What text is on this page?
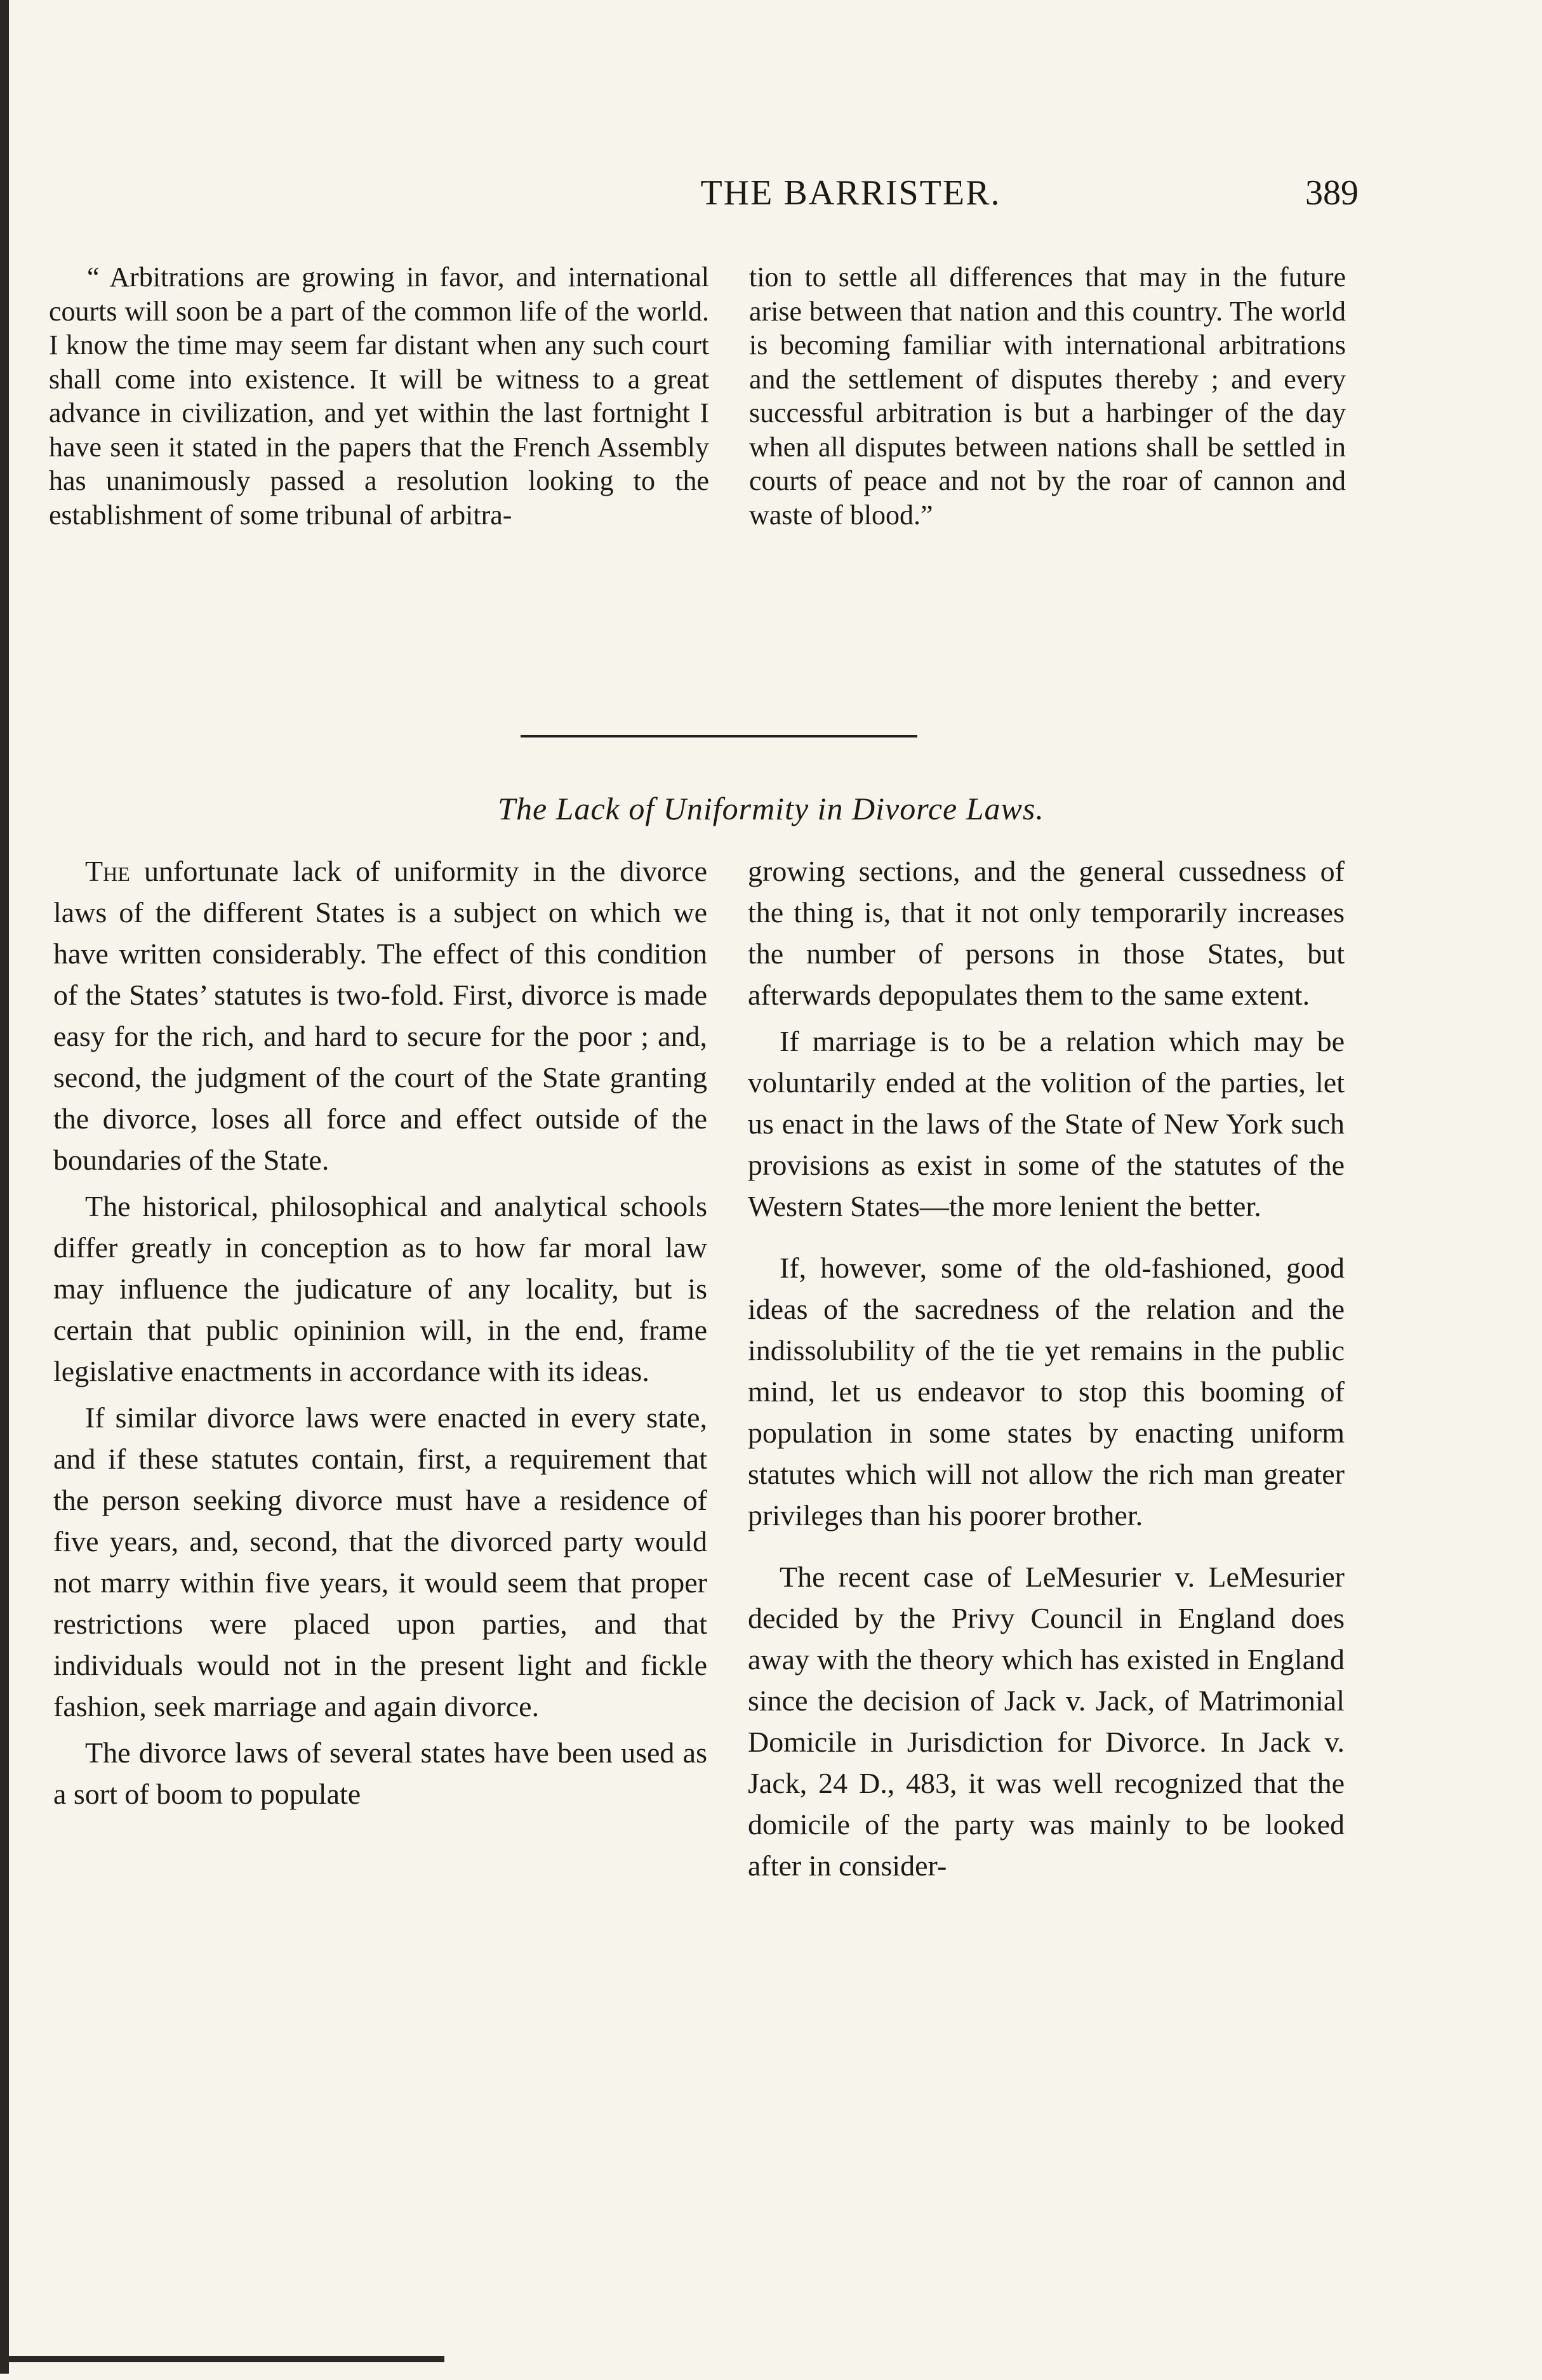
THE BARRISTER.	389

“ Arbitrations are growing in favor, and international courts will soon be a part of the common life of the world. I know the time may seem far distant when any such court shall come into existence. It will be witness to a great advance in civilization, and yet within the last fortnight I have seen it stated in the papers that the French Assembly has unanimously passed a resolution looking to the establishment of some tribunal of arbitra-

tion to settle all differences that may in the future arise between that nation and this country. The world is becoming familiar with international arbitrations and the settlement of disputes thereby ; and every successful arbitration is but a harbinger of the day when all disputes between nations shall be settled in courts of peace and not by the roar of cannon and waste of blood.”

The Lack of Uniformity in Divorce Laws.

The unfortunate lack of uniformity in the divorce laws of the different States is a subject on which we have written considerably. The effect of this condition of the States’ statutes is two-fold. First, divorce is made easy for the rich, and hard to secure for the poor ; and, second, the judgment of the court of the State granting the divorce, loses all force and effect outside of the boundaries of the State.

The historical, philosophical and analytical schools differ greatly in conception as to how far moral law may influence the judicature of any locality, but is certain that public opininion will, in the end, frame legislative enactments in accordance with its ideas.

If similar divorce laws were enacted in every state, and if these statutes contain, first, a requirement that the person seeking divorce must have a residence of five years, and, second, that the divorced party would not marry within five years, it would seem that proper restrictions were placed upon parties, and that individuals would not in the present light and fickle fashion, seek marriage and again divorce.

The divorce laws of several states have been used as a sort of boom to populate

growing sections, and the general cussedness of the thing is, that it not only temporarily increases the number of persons in those States, but afterwards depopulates them to the same extent.

If marriage is to be a relation which may be voluntarily ended at the volition of the parties, let us enact in the laws of the State of New York such provisions as exist in some of the statutes of the Western States—the more lenient the better.

If, however, some of the old-fashioned, good ideas of the sacredness of the relation and the indissolubility of the tie yet remains in the public mind, let us endeavor to stop this booming of population in some states by enacting uniform statutes which will not allow the rich man greater privileges than his poorer brother.

The recent case of LeMesurier v. LeMesurier decided by the Privy Council in England does away with the theory which has existed in England since the decision of Jack v. Jack, of Matrimonial Domicile in Jurisdiction for Divorce. In Jack v. Jack, 24 D., 483, it was well recognized that the domicile of the party was mainly to be looked after in consider-
